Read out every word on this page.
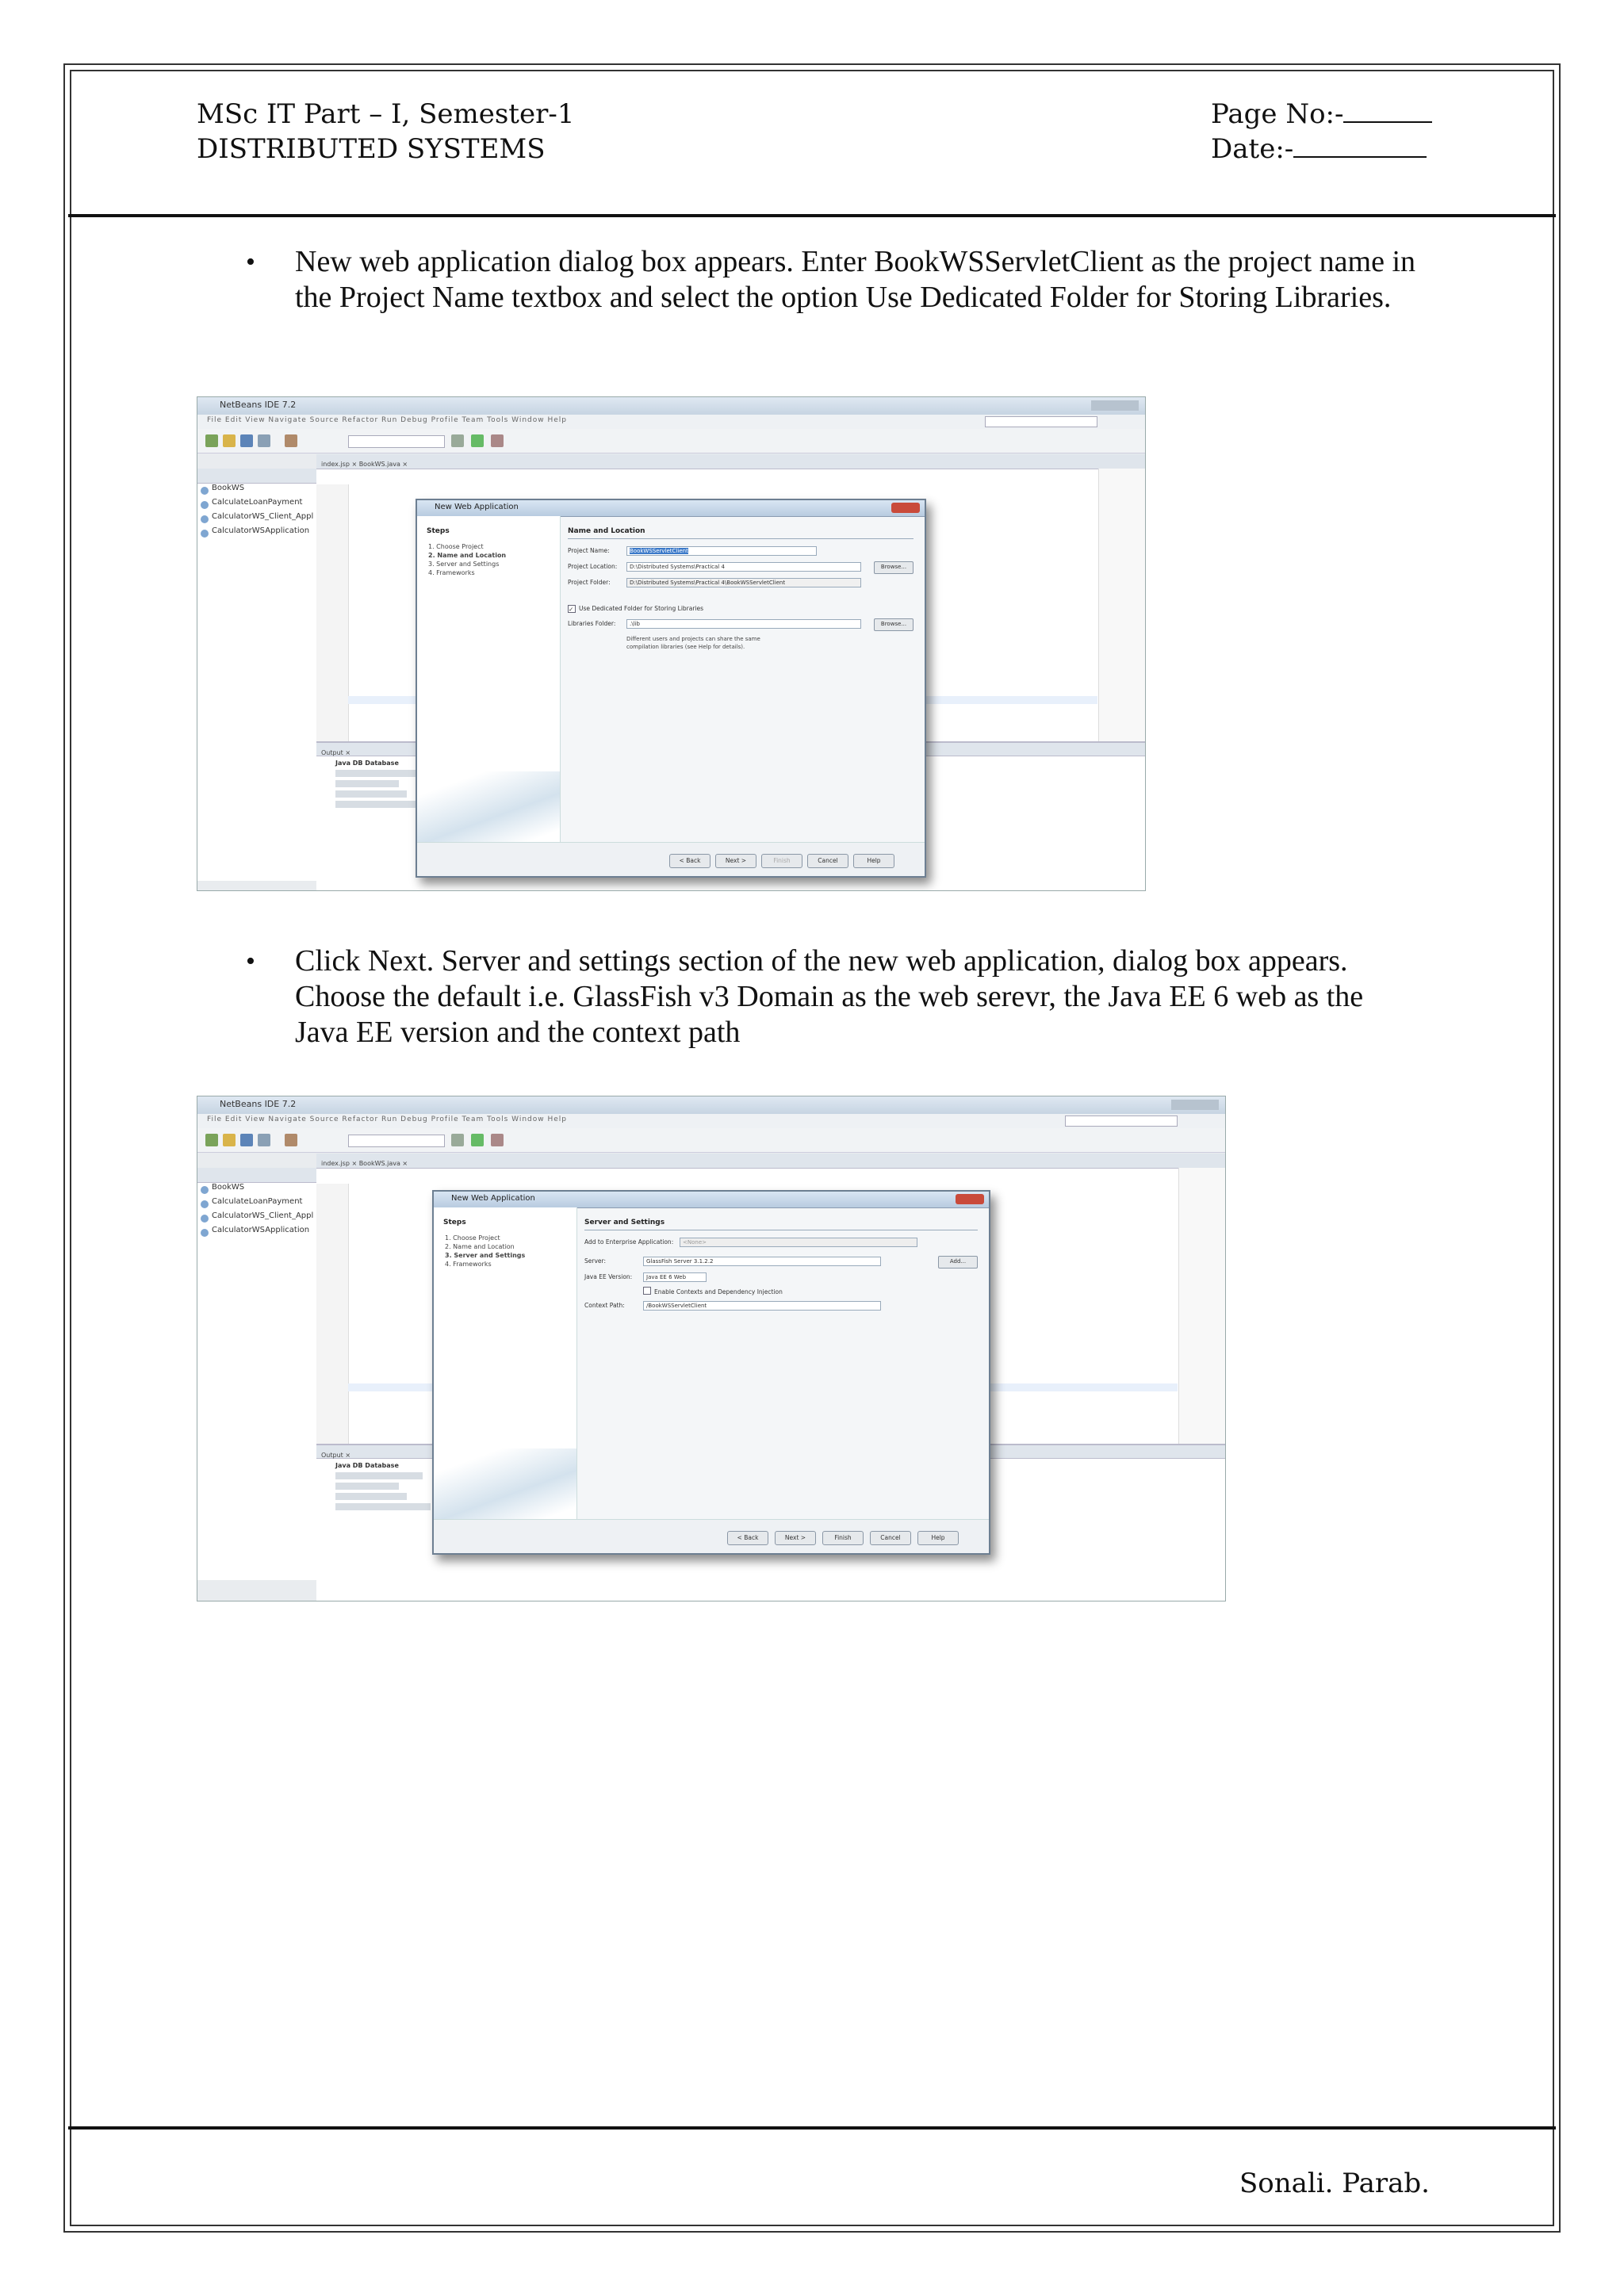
MSc IT Part – I, Semester-1
DISTRIBUTED SYSTEMS
Page No:-
Date:-
• New web application dialog box appears. Enter BookWSServletClient as the project name in the Project Name textbox and select the option Use Dedicated Folder for Storing Libraries.
NetBeans IDE 7.2
File Edit View Navigate Source Refactor Run Debug Profile Team Tools Window Help
BookWS
CalculateLoanPayment
CalculatorWS_Client_Appl
CalculatorWSApplication
index.jsp × BookWS.java ×
Output ×
Java DB Database
New Web Application
Steps
1. Choose Project
2. Name and Location
3. Server and Settings
4. Frameworks
Name and Location
Project Name:	BookWSServletClient
Project Location:	D:\Distributed Systems\Practical 4	Browse...
Project Folder:	D:\Distributed Systems\Practical 4\BookWSServletClient
✓ Use Dedicated Folder for Storing Libraries
Libraries Folder:	.\lib	Browse...
Different users and projects can share the same compilation libraries (see Help for details).
< Back	Next >	Finish	Cancel	Help
• Click Next. Server and settings section of the new web application, dialog box appears. Choose the default i.e. GlassFish v3 Domain as the web serevr, the Java EE 6 web as the Java EE version and the context path
NetBeans IDE 7.2
File Edit View Navigate Source Refactor Run Debug Profile Team Tools Window Help
BookWS
CalculateLoanPayment
CalculatorWS_Client_Appl
CalculatorWSApplication
index.jsp × BookWS.java ×
Output ×
Java DB Database
New Web Application
Steps
1. Choose Project
2. Name and Location
3. Server and Settings
4. Frameworks
Server and Settings
Add to Enterprise Application:	<None>
Server:	GlassFish Server 3.1.2.2	Add...
Java EE Version:	Java EE 6 Web
Enable Contexts and Dependency Injection
Context Path:	/BookWSServletClient
< Back	Next >	Finish	Cancel	Help
Sonali. Parab.
